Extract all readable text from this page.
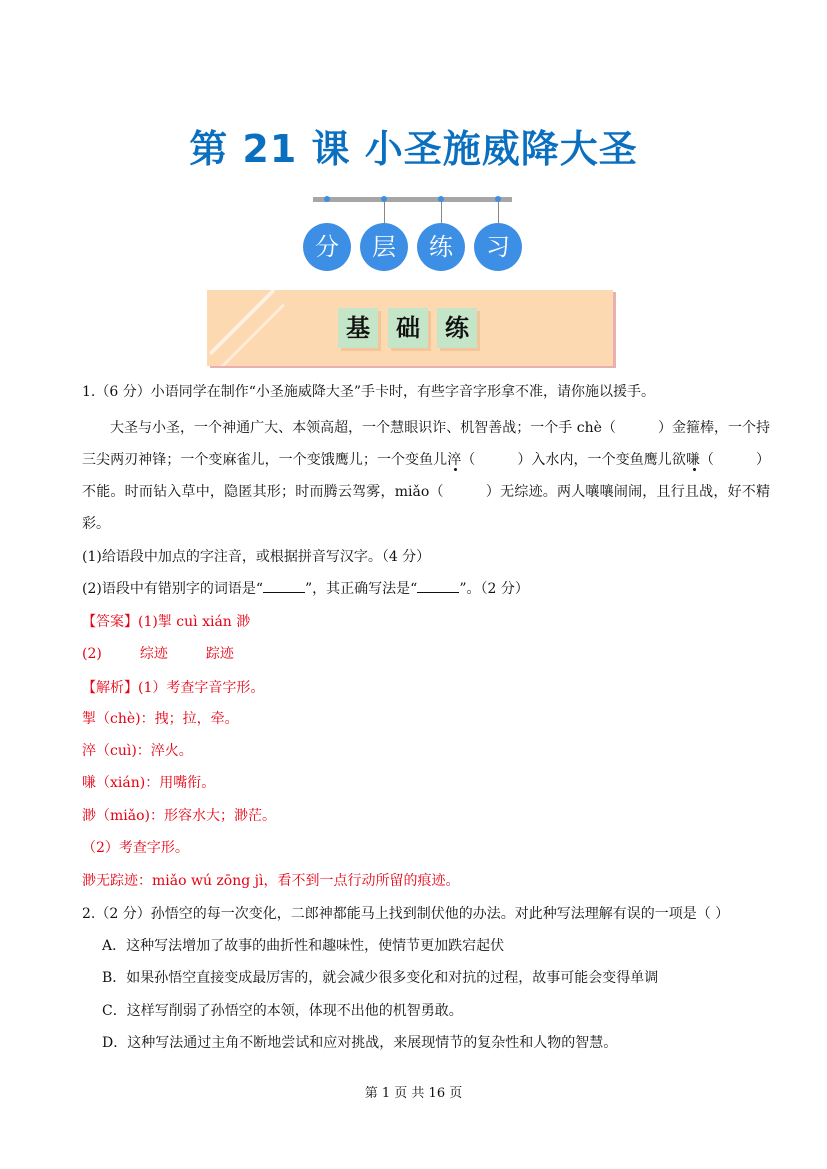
第 21 课 小圣施威降大圣
分	层	练	习
基	础	练
1.（6 分）小语同学在制作“小圣施威降大圣”手卡时，有些字音字形拿不准，请你施以援手。
大圣与小圣，一个神通广大、本领高超，一个慧眼识诈、机智善战；一个手 chè（	）金箍棒，一个持三尖两刃神锋；一个变麻雀儿，一个变饿鹰儿；一个变鱼儿淬（	）入水内，一个变鱼鹰儿欲嗛（	）不能。时而钻入草中，隐匿其形；时而腾云驾雾，miǎo（	）无综迹。两人嚷嚷闹闹，且行且战，好不精彩。
(1)给语段中加点的字注音，或根据拼音写汉字。（4 分）
(2)语段中有错别字的词语是“	”，其正确写法是“	”。（2 分）
【答案】(1)掣 cuì xián 渺
(2)	综迹	踪迹
【解析】(1）考查字音字形。
掣（chè)：拽；拉，牵。
淬（cuì)：淬火。
嗛（xián)：用嘴衔。
渺（miǎo)：形容水大；渺茫。
（2）考查字形。
渺无踪迹：miǎo wú zōng jì，看不到一点行动所留的痕迹。
2.（2 分）孙悟空的每一次变化，二郎神都能马上找到制伏他的办法。对此种写法理解有误的一项是（ ）
A．这种写法增加了故事的曲折性和趣味性，使情节更加跌宕起伏
B．如果孙悟空直接变成最厉害的，就会减少很多变化和对抗的过程，故事可能会变得单调
C．这样写削弱了孙悟空的本领，体现不出他的机智勇敢。
D．这种写法通过主角不断地尝试和应对挑战，来展现情节的复杂性和人物的智慧。
第 1 页 共 16 页
